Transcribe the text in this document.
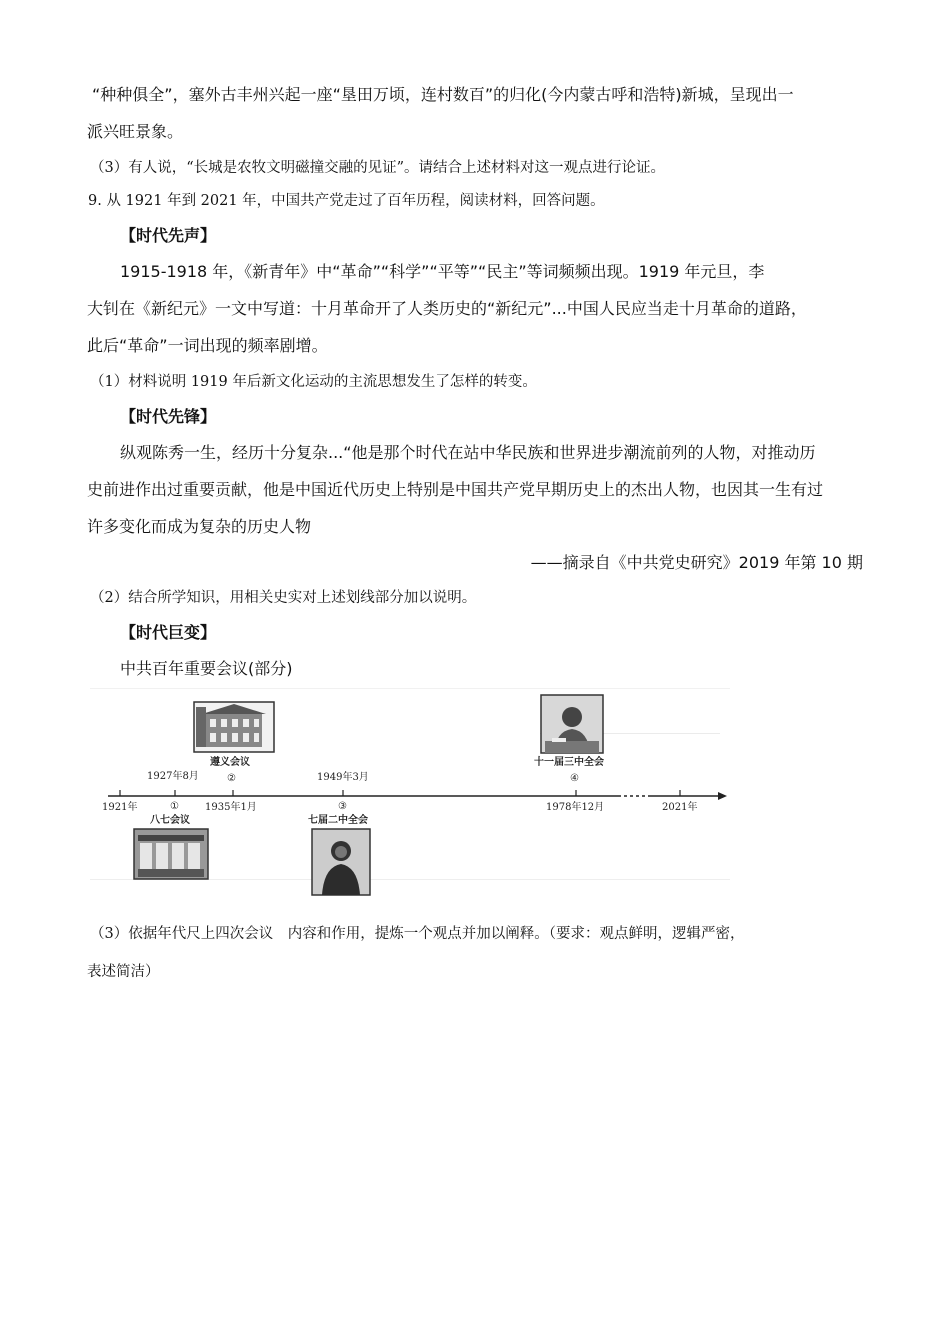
“种种俱全”，塞外古丰州兴起一座“垦田万顷，连村数百”的归化(今内蒙古呼和浩特)新城，呈现出一
派兴旺景象。
（3）有人说，“长城是农牧文明磁撞交融的见证”。请结合上述材料对这一观点进行论证。
9. 从 1921 年到 2021 年，中国共产党走过了百年历程，阅读材料，回答问题。
【时代先声】
1915-1918 年，《新青年》中“革命”“科学”“平等”“民主”等词频频出现。1919 年元旦，李
大钊在《新纪元》一文中写道：十月革命开了人类历史的“新纪元”...中国人民应当走十月革命的道路，
此后“革命”一词出现的频率剧增。
（1）材料说明 1919 年后新文化运动的主流思想发生了怎样的转变。
【时代先锋】
纵观陈秀一生，经历十分复杂...“他是那个时代在站中华民族和世界进步潮流前列的人物，对推动历
史前进作出过重要贡献，他是中国近代历史上特别是中国共产党早期历史上的杰出人物，也因其一生有过
许多变化而成为复杂的历史人物
——摘录自《中共党史研究》2019 年第 10 期
（2）结合所学知识，用相关史实对上述划线部分加以说明。
【时代巨变】
中共百年重要会议(部分)
1921年
1927年8月
1935年1月
1949年3月
1978年12月	2021年
①
②
③
④
八七会议
遵义会议
七届二中全会
十一届三中全会
（3）依据年代尺上四次会议　内容和作用，提炼一个观点并加以阐释。（要求：观点鲜明，逻辑严密，
表述简洁）
